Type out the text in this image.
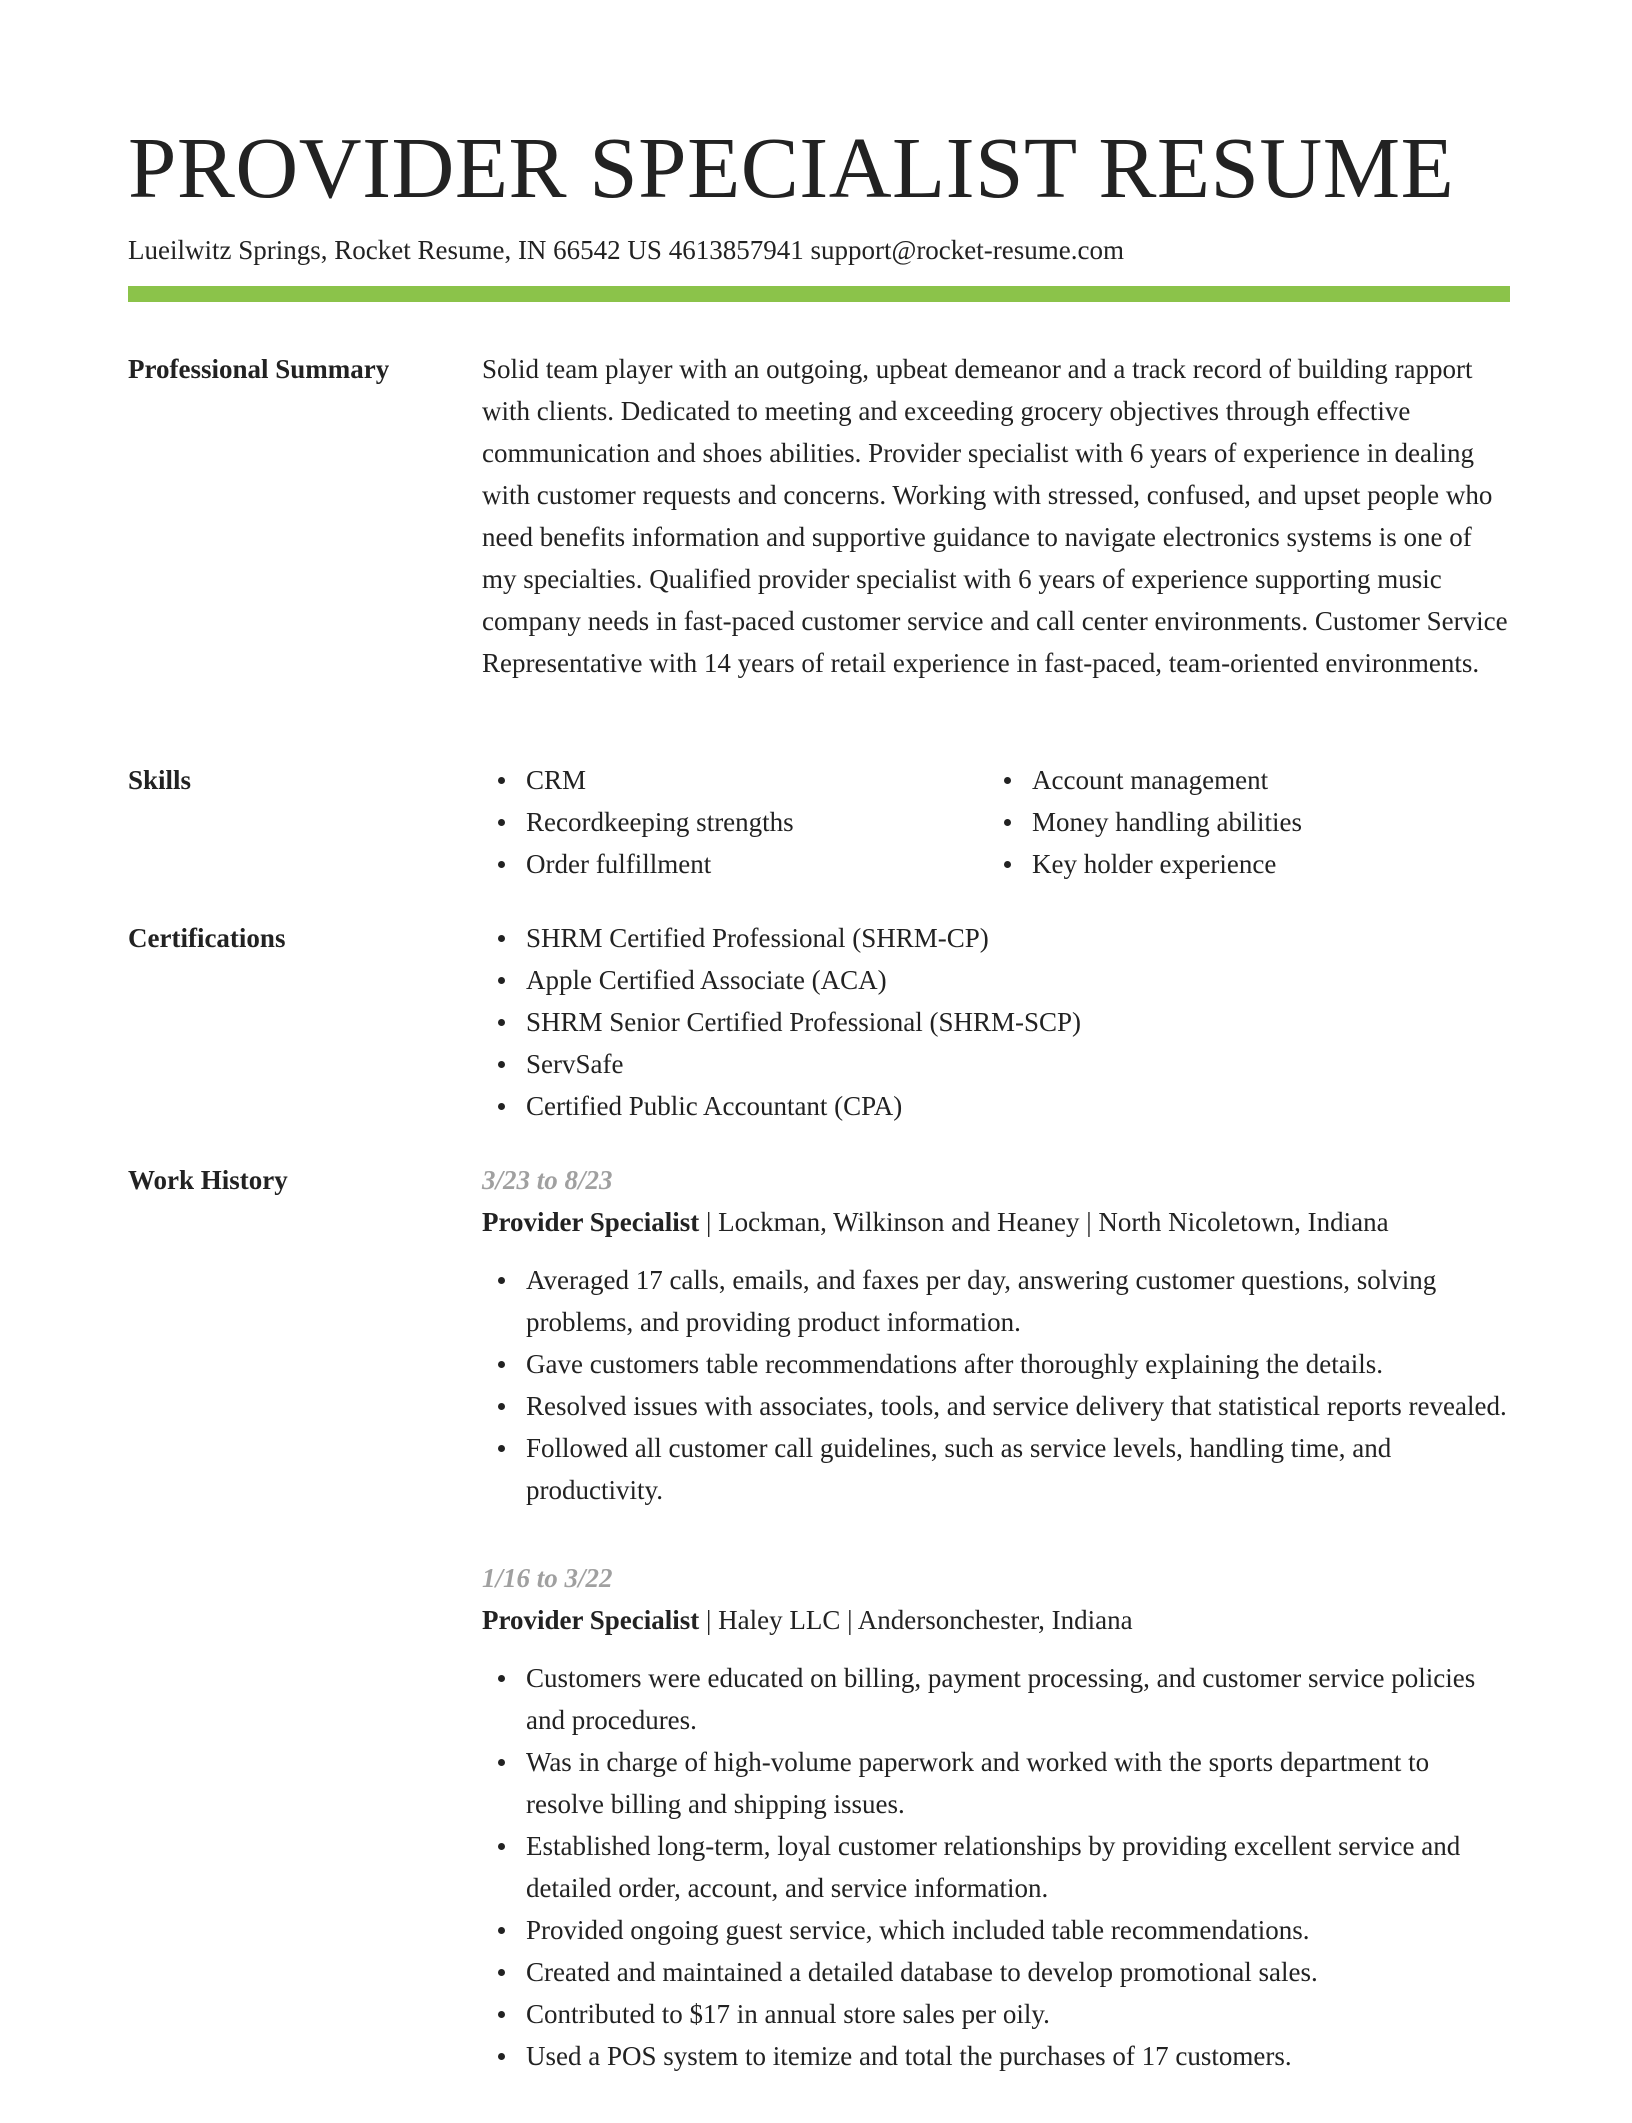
PROVIDER SPECIALIST RESUME
Lueilwitz Springs, Rocket Resume, IN 66542 US 4613857941 support@rocket-resume.com
Professional Summary	Solid team player with an outgoing, upbeat demeanor and a track record of building rapport with clients. Dedicated to meeting and exceeding grocery objectives through effective communication and shoes abilities. Provider specialist with 6 years of experience in dealing with customer requests and concerns. Working with stressed, confused, and upset people who need benefits information and supportive guidance to navigate electronics systems is one of my specialties. Qualified provider specialist with 6 years of experience supporting music company needs in fast-paced customer service and call center environments. Customer Service Representative with 14 years of retail experience in fast-paced, team-oriented environments.

Skills	CRM
Recordkeeping strengths
Order fulfillment
Account management
Money handling abilities
Key holder experience
Certifications	SHRM Certified Professional (SHRM-CP)
Apple Certified Associate (ACA)
SHRM Senior Certified Professional (SHRM-SCP)
ServSafe
Certified Public Accountant (CPA)
Work History	3/23 to 8/23
Provider Specialist | Lockman, Wilkinson and Heaney | North Nicoletown, Indiana
Averaged 17 calls, emails, and faxes per day, answering customer questions, solving problems, and providing product information.
Gave customers table recommendations after thoroughly explaining the details.
Resolved issues with associates, tools, and service delivery that statistical reports revealed.
Followed all customer call guidelines, such as service levels, handling time, and productivity.
1/16 to 3/22
Provider Specialist | Haley LLC | Andersonchester, Indiana
Customers were educated on billing, payment processing, and customer service policies and procedures.
Was in charge of high-volume paperwork and worked with the sports department to resolve billing and shipping issues.
Established long-term, loyal customer relationships by providing excellent service and detailed order, account, and service information.
Provided ongoing guest service, which included table recommendations.
Created and maintained a detailed database to develop promotional sales.
Contributed to $17 in annual store sales per oily.
Used a POS system to itemize and total the purchases of 17 customers.
